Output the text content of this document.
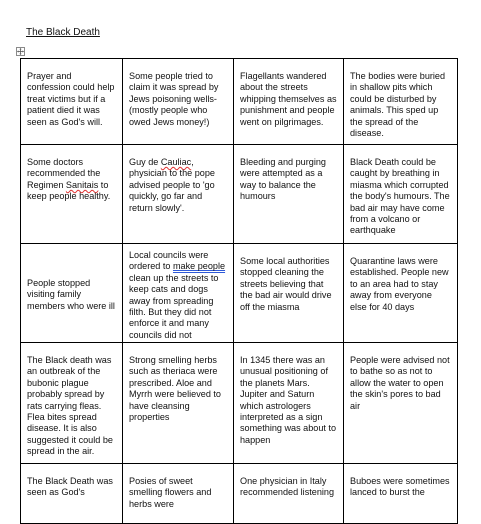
The Black Death
Prayer and confession could help treat victims but if a patient died it was seen as God's will.	Some people tried to claim it was spread by Jews poisoning wells- (mostly people who owed Jews money!)	Flagellants wandered about the streets whipping themselves as punishment and people went on pilgrimages.	The bodies were buried in shallow pits which could be disturbed by animals. This sped up the spread of the disease.
Some doctors recommended the Regimen Sanitais to keep people healthy.	Guy de Cauliac, physician to the pope advised people to 'go quickly, go far and return slowly'.	Bleeding and purging were attempted as a way to balance the humours	Black Death could be caught by breathing in miasma which corrupted the body's humours. The bad air may have come from a volcano or earthquake
People stopped visiting family members who were ill	Local councils were ordered to make people clean up the streets to keep cats and dogs away from spreading filth. But they did not enforce it and many councils did not	Some local authorities stopped cleaning the streets believing that the bad air would drive off the miasma	Quarantine laws were established. People new to an area had to stay away from everyone else for 40 days
The Black death was an outbreak of the bubonic plague probably spread by rats carrying fleas. Flea bites spread disease. It is also suggested it could be spread in the air.	Strong smelling herbs such as theriaca were prescribed. Aloe and Myrrh were believed to have cleansing properties	In 1345 there was an unusual positioning of the planets Mars. Jupiter and Saturn which astrologers interpreted as a sign something was about to happen	People were advised not to bathe so as not to allow the water to open the skin's pores to bad air
The Black Death was seen as God's	Posies of sweet smelling flowers and herbs were	One physician in Italy recommended listening	Buboes were sometimes lanced to burst the
